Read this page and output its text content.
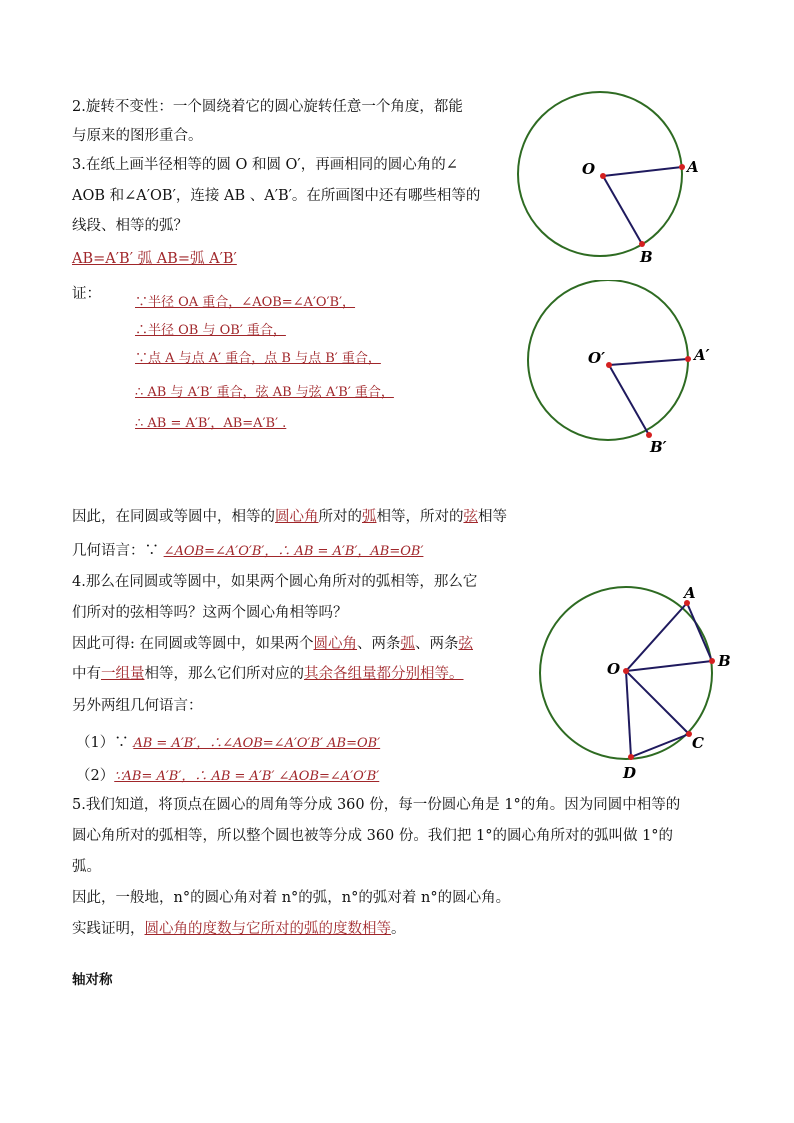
2.旋转不变性：一个圆绕着它的圆心旋转任意一个角度，都能
与原来的图形重合。
3.在纸上画半径相等的圆 O 和圆 O′，再画相同的圆心角的∠
AOB 和∠A′OB′，连接 AB 、A′B′。在所画图中还有哪些相等的
线段、相等的弧？
AB=A′B′ 弧 AB=弧 A′B′
证：
∵半径 OA 重合，∠AOB=∠A′O′B′，
∴半径 OB 与 OB′ 重合，
∵点 A 与点 A′ 重合，点 B 与点 B′ 重合，
∴ AB 与 A′B′ 重合，弦 AB 与弦 A′B′ 重合，
∴ AB = A′B′，AB=A′B′ .
因此，在同圆或等圆中，相等的圆心角所对的弧相等，所对的弦相等
几何语言：∵ ∠AOB=∠A′O′B′，∴ AB = A′B′，AB=OB′
4.那么在同圆或等圆中，如果两个圆心角所对的弧相等，那么它
们所对的弦相等吗？这两个圆心角相等吗？
因此可得: 在同圆或等圆中，如果两个圆心角、两条弧、两条弦
中有一组量相等，那么它们所对应的其余各组量都分别相等。
另外两组几何语言：
（1）∵ AB = A′B′，∴∠AOB=∠A′O′B′ AB=OB′
（2）∵AB= A′B′，∴ AB = A′B′ ∠AOB=∠A′O′B′
5.我们知道，将顶点在圆心的周角等分成 360 份，每一份圆心角是 1°的角。因为同圆中相等的
圆心角所对的弧相等，所以整个圆也被等分成 360 份。我们把 1°的圆心角所对的弧叫做 1°的
弧。
因此，一般地，n°的圆心角对着 n°的弧，n°的弧对着 n°的圆心角。
实践证明，圆心角的度数与它所对的弧的度数相等。
轴对称
O	A
B
O′	A′
B′
O
A
B
C
D
